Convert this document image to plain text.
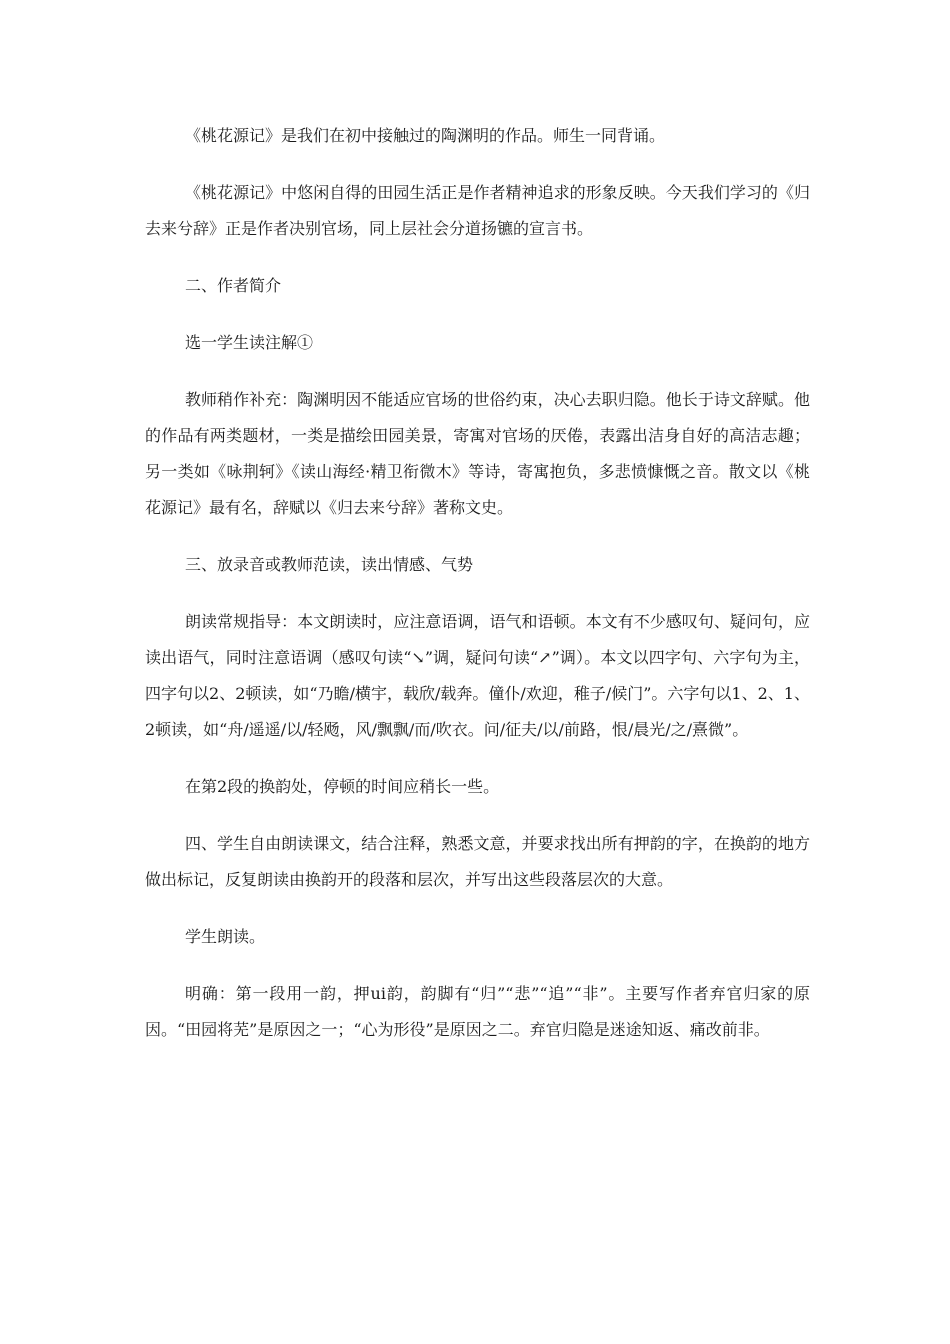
《桃花源记》是我们在初中接触过的陶渊明的作品。师生一同背诵。

《桃花源记》中悠闲自得的田园生活正是作者精神追求的形象反映。今天我们学习的《归去来兮辞》正是作者决别官场，同上层社会分道扬镳的宣言书。

二、作者简介

选一学生读注解①

教师稍作补充：陶渊明因不能适应官场的世俗约束，决心去职归隐。他长于诗文辞赋。他的作品有两类题材，一类是描绘田园美景，寄寓对官场的厌倦，表露出洁身自好的高洁志趣；另一类如《咏荆轲》《读山海经·精卫衔微木》等诗，寄寓抱负，多悲愤慷慨之音。散文以《桃花源记》最有名，辞赋以《归去来兮辞》著称文史。

三、放录音或教师范读，读出情感、气势

朗读常规指导：本文朗读时，应注意语调，语气和语顿。本文有不少感叹句、疑问句，应读出语气，同时注意语调（感叹句读“↘”调，疑问句读“↗”调）。本文以四字句、六字句为主，四字句以2、2顿读，如“乃瞻/横宇，载欣/载奔。僮仆/欢迎，稚子/候门”。六字句以1、2、1、2顿读，如“舟/遥遥/以/轻飏，风/飘飘/而/吹衣。问/征夫/以/前路，恨/晨光/之/熹微”。

在第2段的换韵处，停顿的时间应稍长一些。

四、学生自由朗读课文，结合注释，熟悉文意，并要求找出所有押韵的字，在换韵的地方做出标记，反复朗读由换韵开的段落和层次，并写出这些段落层次的大意。

学生朗读。

明确：第一段用一韵，押ui韵，韵脚有“归”“悲”“追”“非”。主要写作者弃官归家的原因。“田园将芜”是原因之一；“心为形役”是原因之二。弃官归隐是迷途知返、痛改前非。
